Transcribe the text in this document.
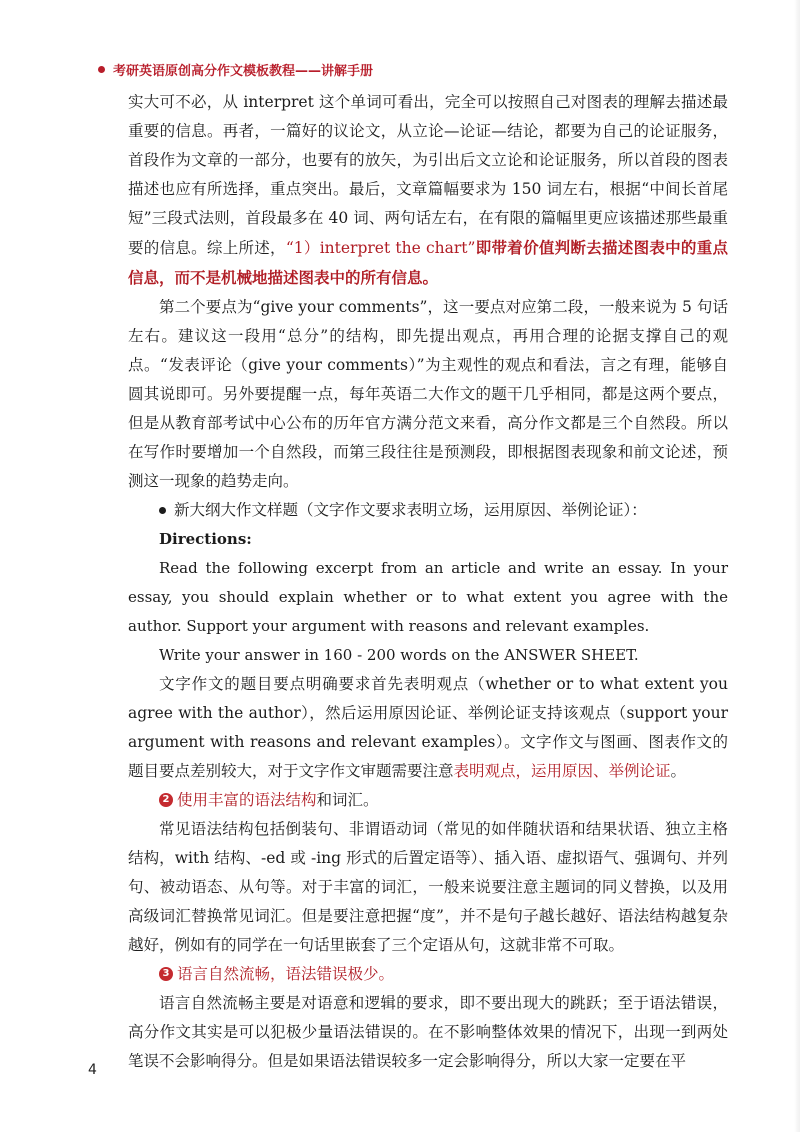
考研英语原创高分作文模板教程——讲解手册

实大可不必，从 interpret 这个单词可看出，完全可以按照自己对图表的理解去描述最重要的信息。再者，一篇好的议论文，从立论—论证—结论，都要为自己的论证服务，首段作为文章的一部分，也要有的放矢，为引出后文立论和论证服务，所以首段的图表描述也应有所选择，重点突出。最后，文章篇幅要求为 150 词左右，根据“中间长首尾短”三段式法则，首段最多在 40 词、两句话左右，在有限的篇幅里更应该描述那些最重要的信息。综上所述，“1）interpret the chart”即带着价值判断去描述图表中的重点信息，而不是机械地描述图表中的所有信息。

第二个要点为“give your comments”，这一要点对应第二段，一般来说为 5 句话左右。建议这一段用“总分”的结构，即先提出观点，再用合理的论据支撑自己的观点。“发表评论（give your comments）”为主观性的观点和看法，言之有理，能够自圆其说即可。另外要提醒一点，每年英语二大作文的题干几乎相同，都是这两个要点，但是从教育部考试中心公布的历年官方满分范文来看，高分作文都是三个自然段。所以在写作时要增加一个自然段，而第三段往往是预测段，即根据图表现象和前文论述，预测这一现象的趋势走向。

新大纲大作文样题（文字作文要求表明立场，运用原因、举例论证）：

Directions:

Read the following excerpt from an article and write an essay. In your essay, you should explain whether or to what extent you agree with the author. Support your argument with reasons and relevant examples.

Write your answer in 160 - 200 words on the ANSWER SHEET.

文字作文的题目要点明确要求首先表明观点（whether or to what extent you agree with the author），然后运用原因论证、举例论证支持该观点（support your argument with reasons and relevant examples）。文字作文与图画、图表作文的题目要点差别较大，对于文字作文审题需要注意表明观点，运用原因、举例论证。

2 使用丰富的语法结构和词汇。

常见语法结构包括倒装句、非谓语动词（常见的如伴随状语和结果状语、独立主格结构，with 结构、-ed 或 -ing 形式的后置定语等）、插入语、虚拟语气、强调句、并列句、被动语态、从句等。对于丰富的词汇，一般来说要注意主题词的同义替换，以及用高级词汇替换常见词汇。但是要注意把握“度”，并不是句子越长越好、语法结构越复杂越好，例如有的同学在一句话里嵌套了三个定语从句，这就非常不可取。

3 语言自然流畅，语法错误极少。

语言自然流畅主要是对语意和逻辑的要求，即不要出现大的跳跃；至于语法错误，高分作文其实是可以犯极少量语法错误的。在不影响整体效果的情况下，出现一到两处笔误不会影响得分。但是如果语法错误较多一定会影响得分，所以大家一定要在平

4
